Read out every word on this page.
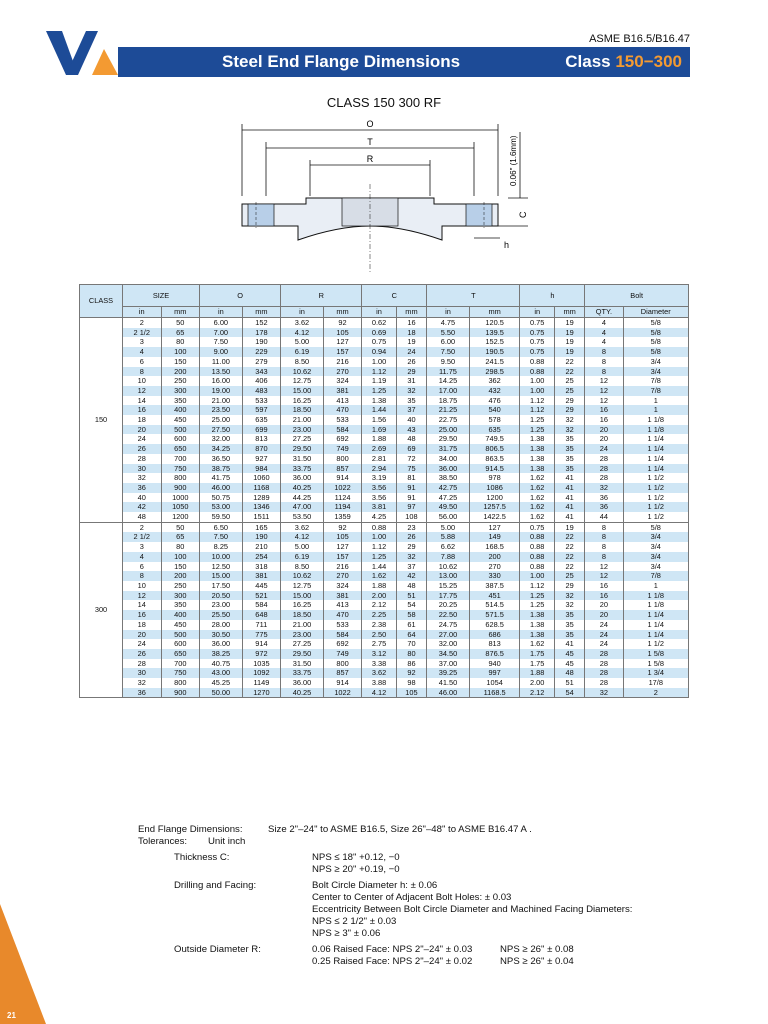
ASME B16.5/B16.47
Steel End Flange Dimensions	Class 150−300
CLASS 150 300 RF
O
T
R	0.06" (1.6mm)
C
h
CLASS	SIZE		O		R		C		T		h		Bolt	
	in	mm	in	mm	in	mm	in	mm	in	mm	in	mm	QTY.	Diameter
150	2	50	6.00	152	3.62	92	0.62	16	4.75	120.5	0.75	19	4	5/8
	2 1/2	65	7.00	178	4.12	105	0.69	18	5.50	139.5	0.75	19	4	5/8
	3	80	7.50	190	5.00	127	0.75	19	6.00	152.5	0.75	19	4	5/8
	4	100	9.00	229	6.19	157	0.94	24	7.50	190.5	0.75	19	8	5/8
	6	150	11.00	279	8.50	216	1.00	26	9.50	241.5	0.88	22	8	3/4
	8	200	13.50	343	10.62	270	1.12	29	11.75	298.5	0.88	22	8	3/4
	10	250	16.00	406	12.75	324	1.19	31	14.25	362	1.00	25	12	7/8
	12	300	19.00	483	15.00	381	1.25	32	17.00	432	1.00	25	12	7/8
	14	350	21.00	533	16.25	413	1.38	35	18.75	476	1.12	29	12	1
	16	400	23.50	597	18.50	470	1.44	37	21.25	540	1.12	29	16	1
	18	450	25.00	635	21.00	533	1.56	40	22.75	578	1.25	32	16	1 1/8
	20	500	27.50	699	23.00	584	1.69	43	25.00	635	1.25	32	20	1 1/8
	24	600	32.00	813	27.25	692	1.88	48	29.50	749.5	1.38	35	20	1 1/4
	26	650	34.25	870	29.50	749	2.69	69	31.75	806.5	1.38	35	24	1 1/4
	28	700	36.50	927	31.50	800	2.81	72	34.00	863.5	1.38	35	28	1 1/4
	30	750	38.75	984	33.75	857	2.94	75	36.00	914.5	1.38	35	28	1 1/4
	32	800	41.75	1060	36.00	914	3.19	81	38.50	978	1.62	41	28	1 1/2
	36	900	46.00	1168	40.25	1022	3.56	91	42.75	1086	1.62	41	32	1 1/2
	40	1000	50.75	1289	44.25	1124	3.56	91	47.25	1200	1.62	41	36	1 1/2
	42	1050	53.00	1346	47.00	1194	3.81	97	49.50	1257.5	1.62	41	36	1 1/2
	48	1200	59.50	1511	53.50	1359	4.25	108	56.00	1422.5	1.62	41	44	1 1/2
300	2	50	6.50	165	3.62	92	0.88	23	5.00	127	0.75	19	8	5/8
	2 1/2	65	7.50	190	4.12	105	1.00	26	5.88	149	0.88	22	8	3/4
	3	80	8.25	210	5.00	127	1.12	29	6.62	168.5	0.88	22	8	3/4
	4	100	10.00	254	6.19	157	1.25	32	7.88	200	0.88	22	8	3/4
	6	150	12.50	318	8.50	216	1.44	37	10.62	270	0.88	22	12	3/4
	8	200	15.00	381	10.62	270	1.62	42	13.00	330	1.00	25	12	7/8
	10	250	17.50	445	12.75	324	1.88	48	15.25	387.5	1.12	29	16	1
	12	300	20.50	521	15.00	381	2.00	51	17.75	451	1.25	32	16	1 1/8
	14	350	23.00	584	16.25	413	2.12	54	20.25	514.5	1.25	32	20	1 1/8
	16	400	25.50	648	18.50	470	2.25	58	22.50	571.5	1.38	35	20	1 1/4
	18	450	28.00	711	21.00	533	2.38	61	24.75	628.5	1.38	35	24	1 1/4
	20	500	30.50	775	23.00	584	2.50	64	27.00	686	1.38	35	24	1 1/4
	24	600	36.00	914	27.25	692	2.75	70	32.00	813	1.62	41	24	1 1/2
	26	650	38.25	972	29.50	749	3.12	80	34.50	876.5	1.75	45	28	1 5/8
	28	700	40.75	1035	31.50	800	3.38	86	37.00	940	1.75	45	28	1 5/8
	30	750	43.00	1092	33.75	857	3.62	92	39.25	997	1.88	48	28	1 3/4
	32	800	45.25	1149	36.00	914	3.88	98	41.50	1054	2.00	51	28	17/8
	36	900	50.00	1270	40.25	1022	4.12	105	46.00	1168.5	2.12	54	32	2
End Flange Dimensions:	Size 2"–24" to ASME B16.5, Size 26"–48" to ASME B16.47 A .
Tolerances: Unit inch
Thickness C:	NPS ≤ 18" +0.12, −0
NPS ≥ 20" +0.19, −0
Drilling and Facing:	Bolt Circle Diameter h: ± 0.06
Center to Center of Adjacent Bolt Holes: ± 0.03
Eccentricity Between Bolt Circle Diameter and Machined Facing Diameters:
NPS ≤ 2 1/2" ± 0.03
NPS ≥ 3" ± 0.06
Outside Diameter R:	0.06 Raised Face: NPS 2"–24" ± 0.03	NPS ≥ 26" ± 0.08
0.25 Raised Face: NPS 2"–24" ± 0.02	NPS ≥ 26" ± 0.04
21
